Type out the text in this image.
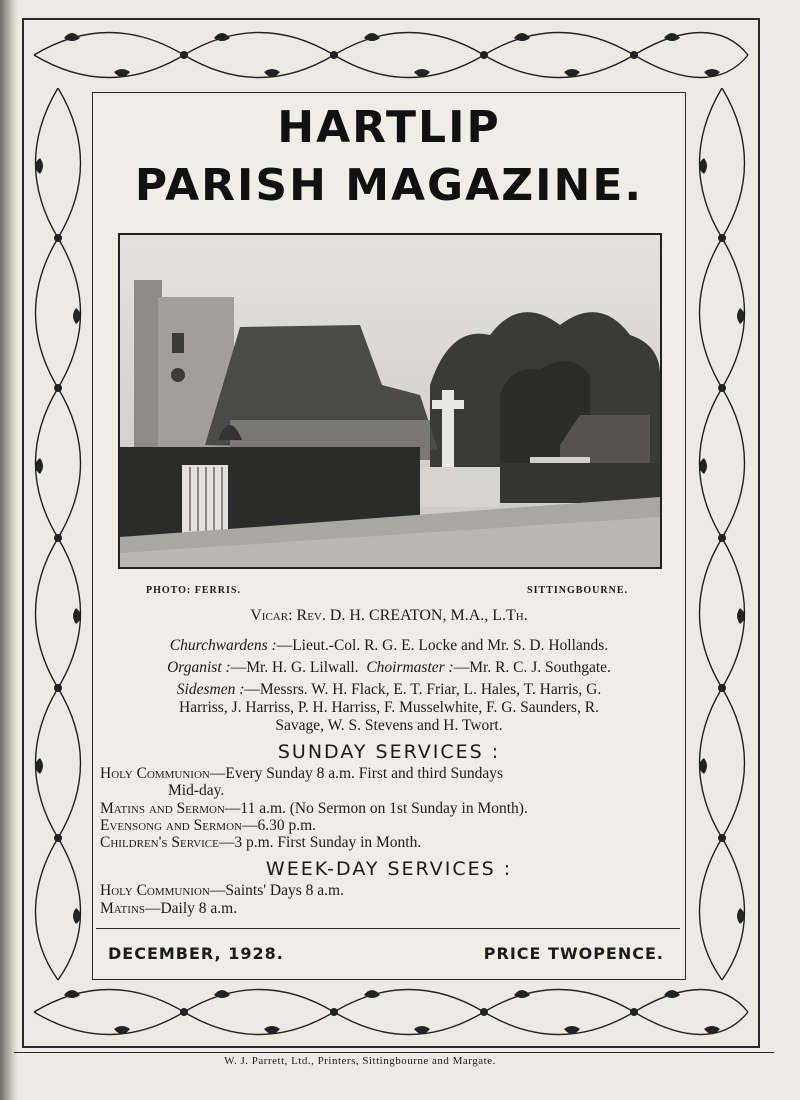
HARTLIP
PARISH MAGAZINE.
PHOTO: FERRIS.	SITTINGBOURNE.
Vicar: Rev. D. H. CREATON, M.A., L.Th.
Churchwardens :—Lieut.-Col. R. G. E. Locke and Mr. S. D. Hollands.
Organist :—Mr. H. G. Lilwall. Choirmaster :—Mr. R. C. J. Southgate.
Sidesmen :—Messrs. W. H. Flack, E. T. Friar, L. Hales, T. Harris, G.
Harriss, J. Harriss, P. H. Harriss, F. Musselwhite, F. G. Saunders, R.
Savage, W. S. Stevens and H. Twort.
SUNDAY SERVICES :
Holy Communion—Every Sunday 8 a.m. First and third Sundays
Mid-day.
Matins and Sermon—11 a.m. (No Sermon on 1st Sunday in Month).
Evensong and Sermon—6.30 p.m.
Children's Service—3 p.m. First Sunday in Month.
WEEK-DAY SERVICES :
Holy Communion—Saints' Days 8 a.m.
Matins—Daily 8 a.m.
DECEMBER, 1928.	PRICE TWOPENCE.
W. J. Parrett, Ltd., Printers, Sittingbourne and Margate.
